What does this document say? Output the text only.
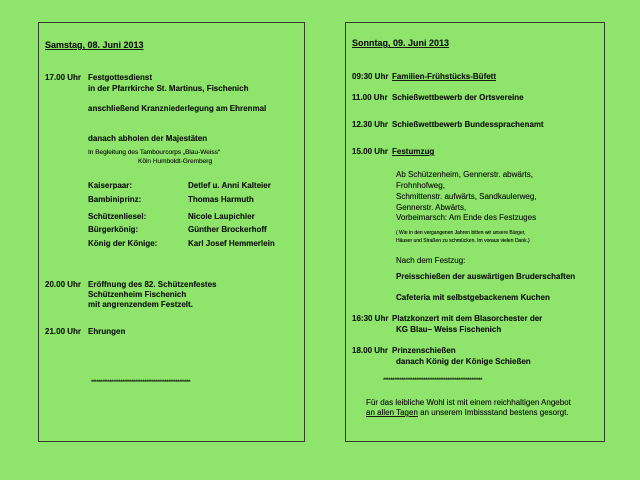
Samstag, 08. Juni 2013
17.00 Uhr Festgottesdienst
in der Pfarrkirche St. Martinus, Fischenich
anschließend Kranzniederlegung am Ehrenmal
danach abholen der Majestäten
In Begleitung des Tambourcorps „Blau-Weiss“
Köln Humboldt-Gremberg
Kaiserpaar:	Detlef u. Anni Kalteier
Bambiniprinz:	Thomas Harmuth
Schützenliesel:	Nicole Laupichler
Bürgerkönig:	Günther Brockerhoff
König der Könige:	Karl Josef Hemmerlein
20.00 Uhr Eröffnung des 82. Schützenfestes
Schützenheim Fischenich
mit angrenzendem Festzelt.
21.00 Uhr Ehrungen
******************************************************
Sonntag, 09. Juni 2013
09:30 Uhr Familien-Frühstücks-Büfett
11.00 Uhr Schießwettbewerb der Ortsvereine
12.30 Uhr Schießwettbewerb Bundessprachenamt
15.00 Uhr Festumzug
Ab Schützenheim, Gennerstr. abwärts,
Frohnhofweg,
Schmittenstr. aufwärts, Sandkaulerweg,
Gennerstr. Abwärts,
Vorbeimarsch: Am Ende des Festzuges
( Wie in den vergangenen Jahren bitten wir unsere Bürger,
Häuser und Straßen zu schmücken. Im voraus vielen Dank.)
Nach dem Festzug:
Preisschießen der auswärtigen Bruderschaften
Cafeteria mit selbstgebackenem Kuchen
16:30 Uhr Platzkonzert mit dem Blasorchester der
KG Blau– Weiss Fischenich
18.00 Uhr Prinzenschießen
danach König der Könige Schießen
******************************************************
Für das leibliche Wohl ist mit einem reichhaltigen Angebot
an allen Tagen an unserem Imbissstand bestens gesorgt.
